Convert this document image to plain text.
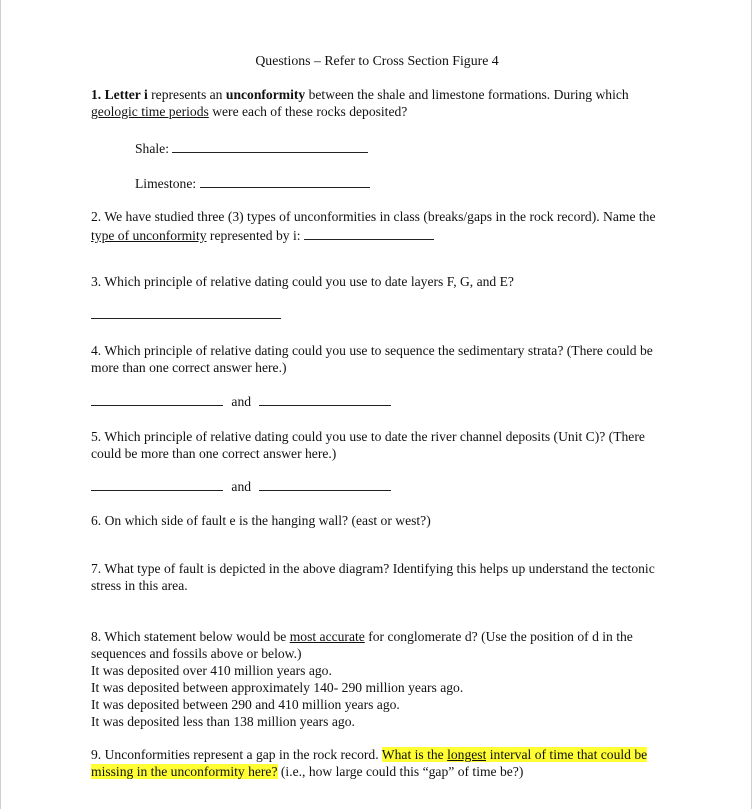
Questions – Refer to Cross Section Figure 4
1. Letter i represents an unconformity between the shale and limestone formations. During which geologic time periods were each of these rocks deposited?
Shale:
Limestone:
2. We have studied three (3) types of unconformities in class (breaks/gaps in the rock record). Name the type of unconformity represented by i:
3. Which principle of relative dating could you use to date layers F, G, and E?
4. Which principle of relative dating could you use to sequence the sedimentary strata? (There could be more than one correct answer here.)
and
5. Which principle of relative dating could you use to date the river channel deposits (Unit C)? (There could be more than one correct answer here.)
and
6. On which side of fault e is the hanging wall? (east or west?)
7. What type of fault is depicted in the above diagram? Identifying this helps up understand the tectonic stress in this area.
8. Which statement below would be most accurate for conglomerate d? (Use the position of d in the sequences and fossils above or below.)
It was deposited over 410 million years ago.
It was deposited between approximately 140- 290 million years ago.
It was deposited between 290 and 410 million years ago.
It was deposited less than 138 million years ago.
9. Unconformities represent a gap in the rock record. What is the longest interval of time that could be missing in the unconformity here? (i.e., how large could this “gap” of time be?)
